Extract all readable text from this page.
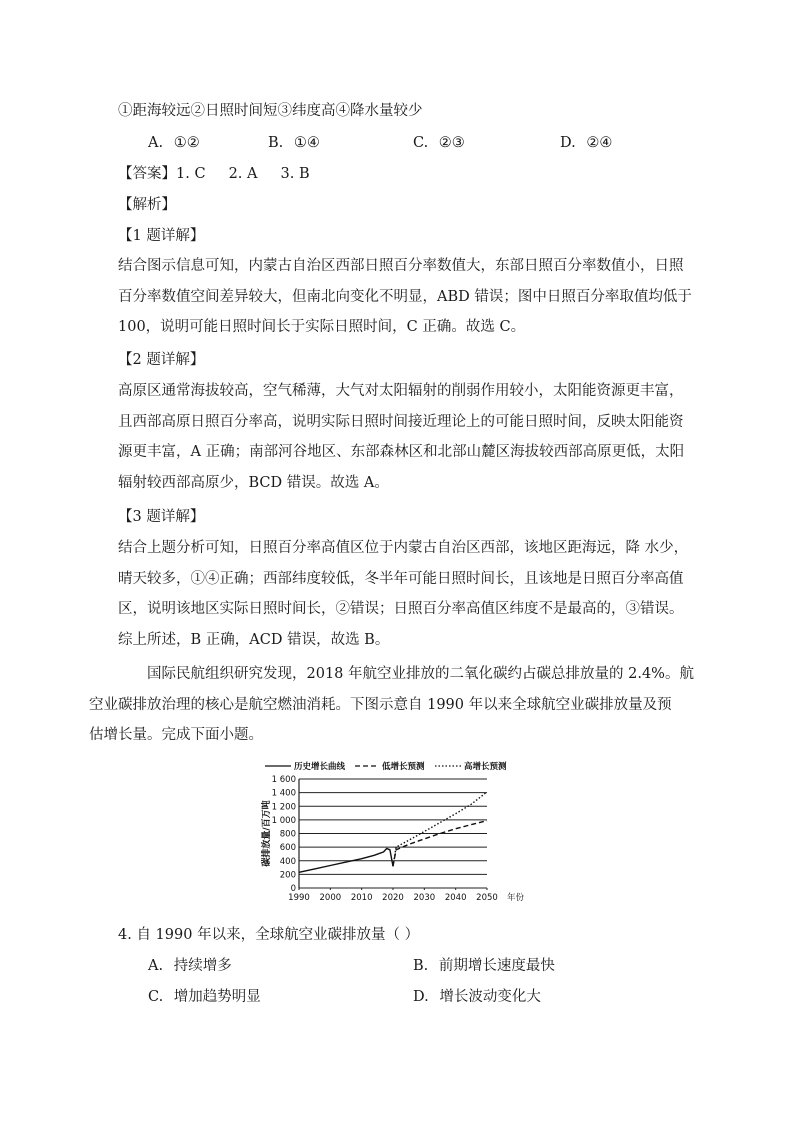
①距海较远②日照时间短③纬度高④降水量较少
A. ①②	B. ①④	C. ②③	D. ②④
【答案】1. C     2. A     3. B
【解析】
【1 题详解】
结合图示信息可知，内蒙古自治区西部日照百分率数值大，东部日照百分率数值小，日照
百分率数值空间差异较大，但南北向变化不明显，ABD 错误；图中日照百分率取值均低于
100，说明可能日照时间长于实际日照时间，C 正确。故选 C。
【2 题详解】
高原区通常海拔较高，空气稀薄，大气对太阳辐射的削弱作用较小，太阳能资源更丰富，
且西部高原日照百分率高，说明实际日照时间接近理论上的可能日照时间，反映太阳能资
源更丰富，A 正确；南部河谷地区、东部森林区和北部山麓区海拔较西部高原更低，太阳
辐射较西部高原少，BCD 错误。故选 A。
【3 题详解】
结合上题分析可知，日照百分率高值区位于内蒙古自治区西部，该地区距海远，降 水少，
晴天较多，①④正确；西部纬度较低，冬半年可能日照时间长，且该地是日照百分率高值
区，说明该地区实际日照时间长，②错误；日照百分率高值区纬度不是最高的，③错误。
综上所述，B 正确，ACD 错误，故选 B。
国际民航组织研究发现，2018 年航空业排放的二氧化碳约占碳总排放量的 2.4%。航
空业碳排放治理的核心是航空燃油消耗。下图示意自 1990 年以来全球航空业碳排放量及预
估增长量。完成下面小题。
0
200
400
600
800
1 000
1 200
1 400
1 600
1990 2000 2010 2020 2030 2040 2050 年份
碳排放量/百万吨
历史增长曲线	低增长预测	高增长预测
4. 自 1990 年以来，全球航空业碳排放量（ ）
A. 持续增多	B. 前期增长速度最快
C. 增加趋势明显	D. 增长波动变化大
